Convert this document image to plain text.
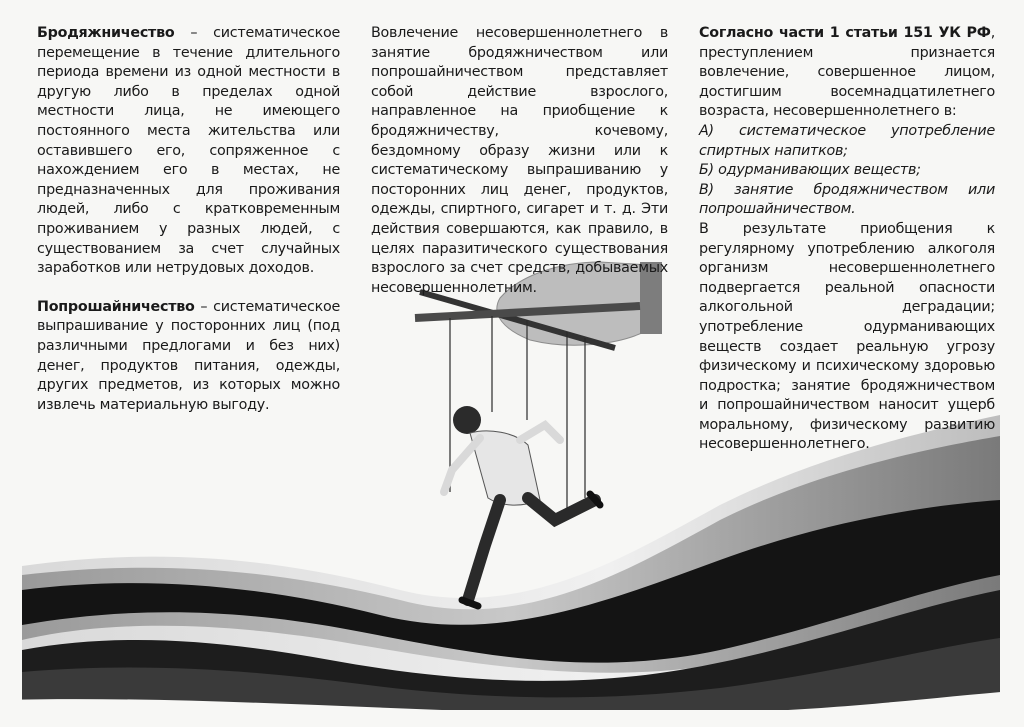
Бродяжничество – систематическое перемещение в течение длительного периода времени из одной местности в другую либо в пределах одной местности лица, не имеющего постоянного места жительства или оставившего его, сопряженное с нахождением его в местах, не предназначенных для проживания людей, либо с кратковременным проживанием у разных людей, с существованием за счет случайных заработков или нетрудовых доходов.

Попрошайничество – систематическое выпрашивание у посторонних лиц (под различными предлогами и без них) денег, продуктов питания, одежды, других предметов, из которых можно извлечь материальную выгоду.

Вовлечение несовершеннолетнего в занятие бродяжничеством или попрошайничеством представляет собой действие взрослого, направленное на приобщение к бродяжничеству, кочевому, бездомному образу жизни или к систематическому выпрашиванию у посторонних лиц денег, продуктов, одежды, спиртного, сигарет и т. д. Эти действия совершаются, как правило, в целях паразитического существования взрослого за счет средств, добываемых несовершеннолетним.

Согласно части 1 статьи 151 УК РФ, преступлением признается вовлечение, совершенное лицом, достигшим восемнадцатилетнего возраста, несовершеннолетнего в:

А) систематическое употребление спиртных напитков;

Б) одурманивающих веществ;

В) занятие бродяжничеством или попрошайничеством.

В результате приобщения к регулярному употреблению алкоголя организм несовершеннолетнего подвергается реальной опасности алкогольной деградации; употребление одурманивающих веществ создает реальную угрозу физическому и психическому здоровью подростка; занятие бродяжничеством и попрошайничеством наносит ущерб моральному, физическому развитию несовершеннолетнего.
